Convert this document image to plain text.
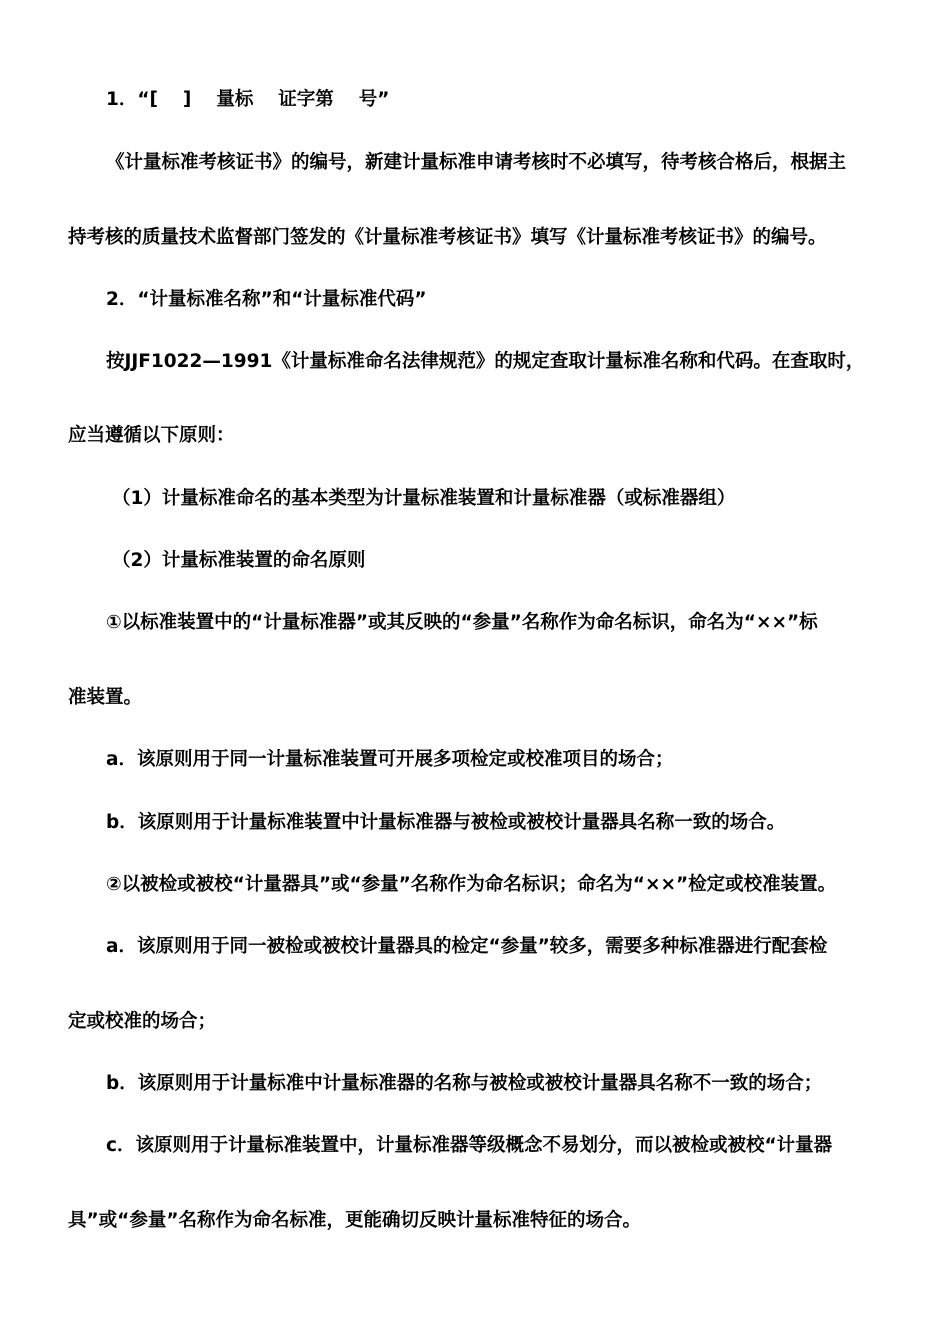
1．“[　 ]　 量标　 证字第　 号”
《计量标准考核证书》的编号，新建计量标准申请考核时不必填写，待考核合格后，根据主
持考核的质量技术监督部门签发的《计量标准考核证书》填写《计量标准考核证书》的编号。
2．“计量标准名称”和“计量标准代码”
按JJF1022—1991《计量标准命名法律规范》的规定查取计量标准名称和代码。在查取时，
应当遵循以下原则：
（1）计量标准命名的基本类型为计量标准装置和计量标准器（或标准器组）
（2）计量标准装置的命名原则
①以标准装置中的“计量标准器”或其反映的“参量”名称作为命名标识，命名为“××”标
准装置。
a．该原则用于同一计量标准装置可开展多项检定或校准项目的场合；
b．该原则用于计量标准装置中计量标准器与被检或被校计量器具名称一致的场合。
②以被检或被校“计量器具”或“参量”名称作为命名标识；命名为“××”检定或校准装置。
a．该原则用于同一被检或被校计量器具的检定“参量”较多，需要多种标准器进行配套检
定或校准的场合；
b．该原则用于计量标准中计量标准器的名称与被检或被校计量器具名称不一致的场合；
c．该原则用于计量标准装置中，计量标准器等级概念不易划分，而以被检或被校“计量器
具”或“参量”名称作为命名标准，更能确切反映计量标准特征的场合。
